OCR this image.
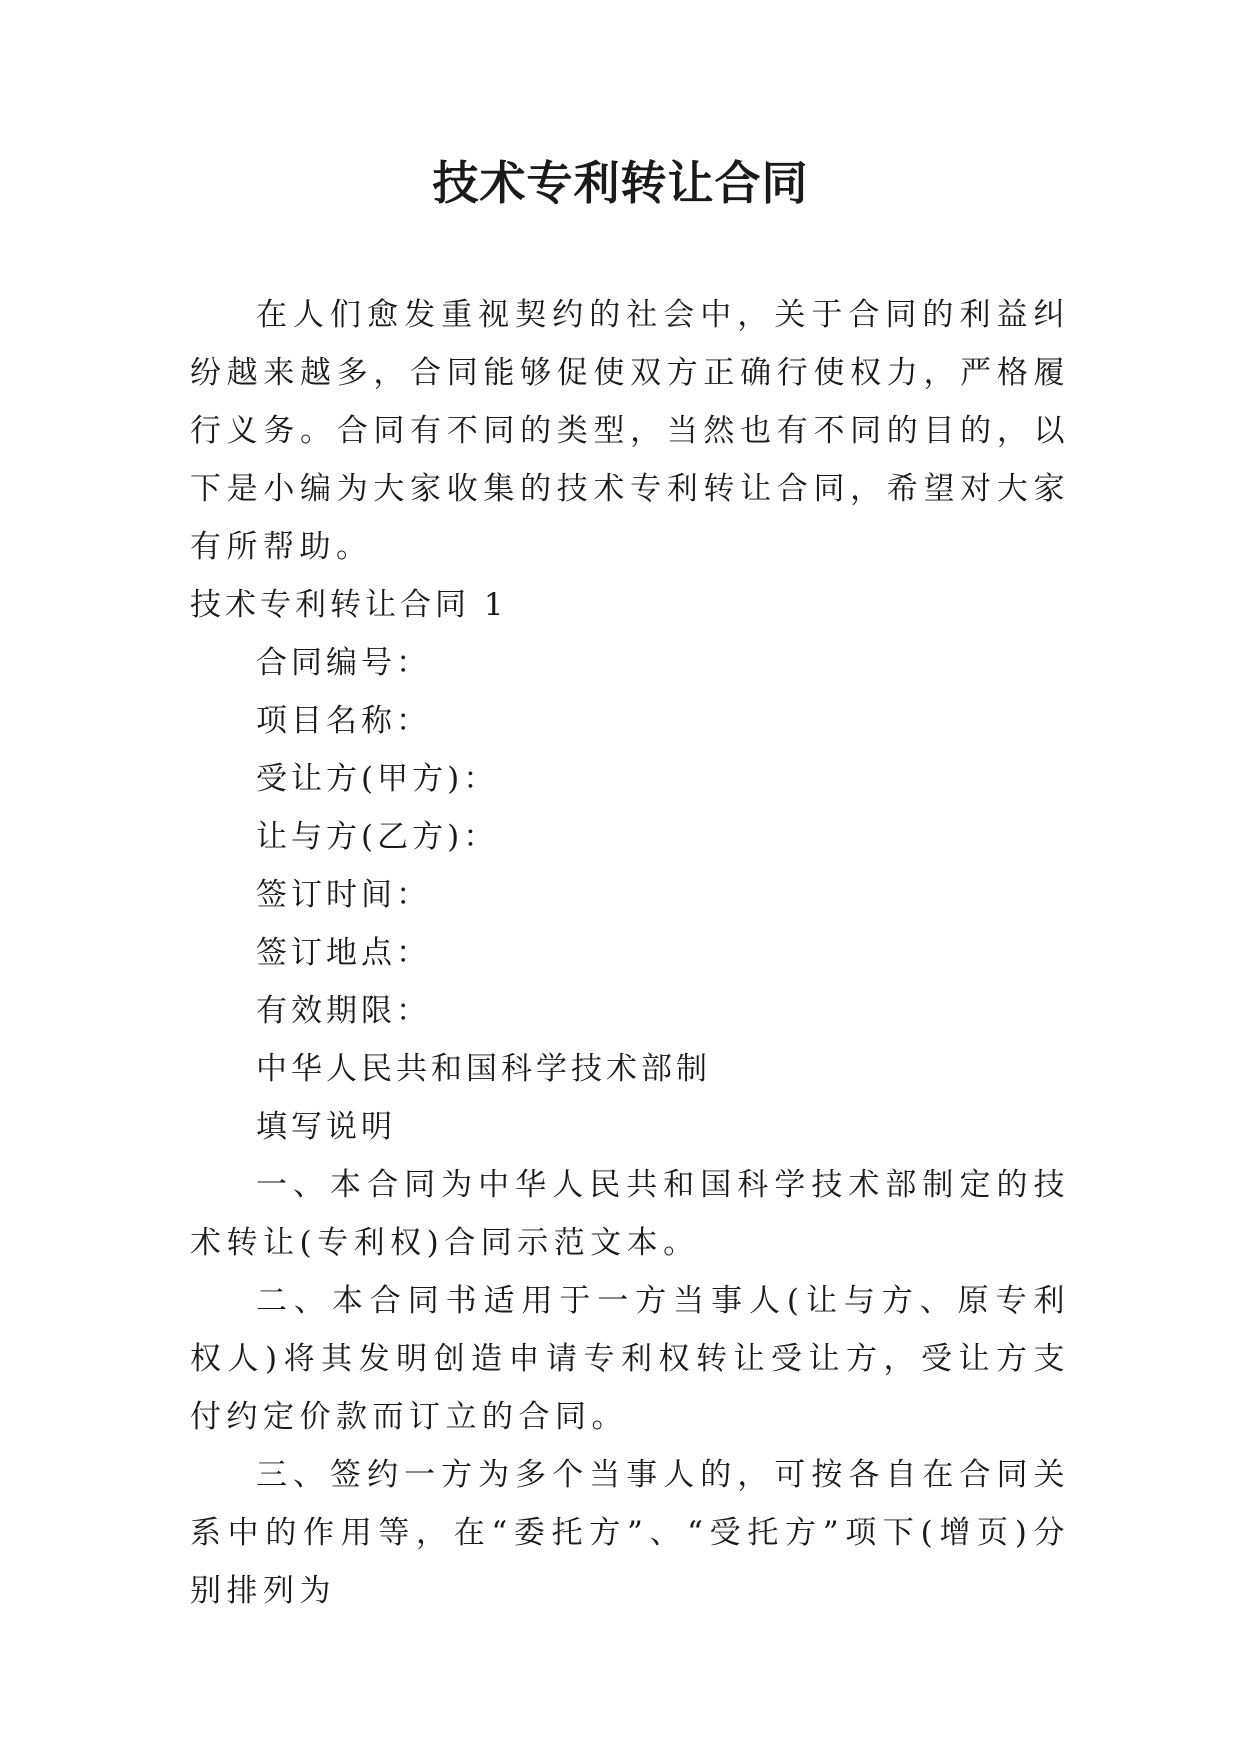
技术专利转让合同

在人们愈发重视契约的社会中，关于合同的利益纠纷越来越多，合同能够促使双方正确行使权力，严格履行义务。合同有不同的类型，当然也有不同的目的，以下是小编为大家收集的技术专利转让合同，希望对大家有所帮助。

技术专利转让合同 1

合同编号：

项目名称：

受让方(甲方)：

让与方(乙方)：

签订时间：

签订地点：

有效期限：

中华人民共和国科学技术部制

填写说明

一、本合同为中华人民共和国科学技术部制定的技术转让(专利权)合同示范文本。

二、本合同书适用于一方当事人(让与方、原专利权人)将其发明创造申请专利权转让受让方，受让方支付约定价款而订立的合同。

三、签约一方为多个当事人的，可按各自在合同关系中的作用等，在“委托方”、“受托方”项下(增页)分别排列为
